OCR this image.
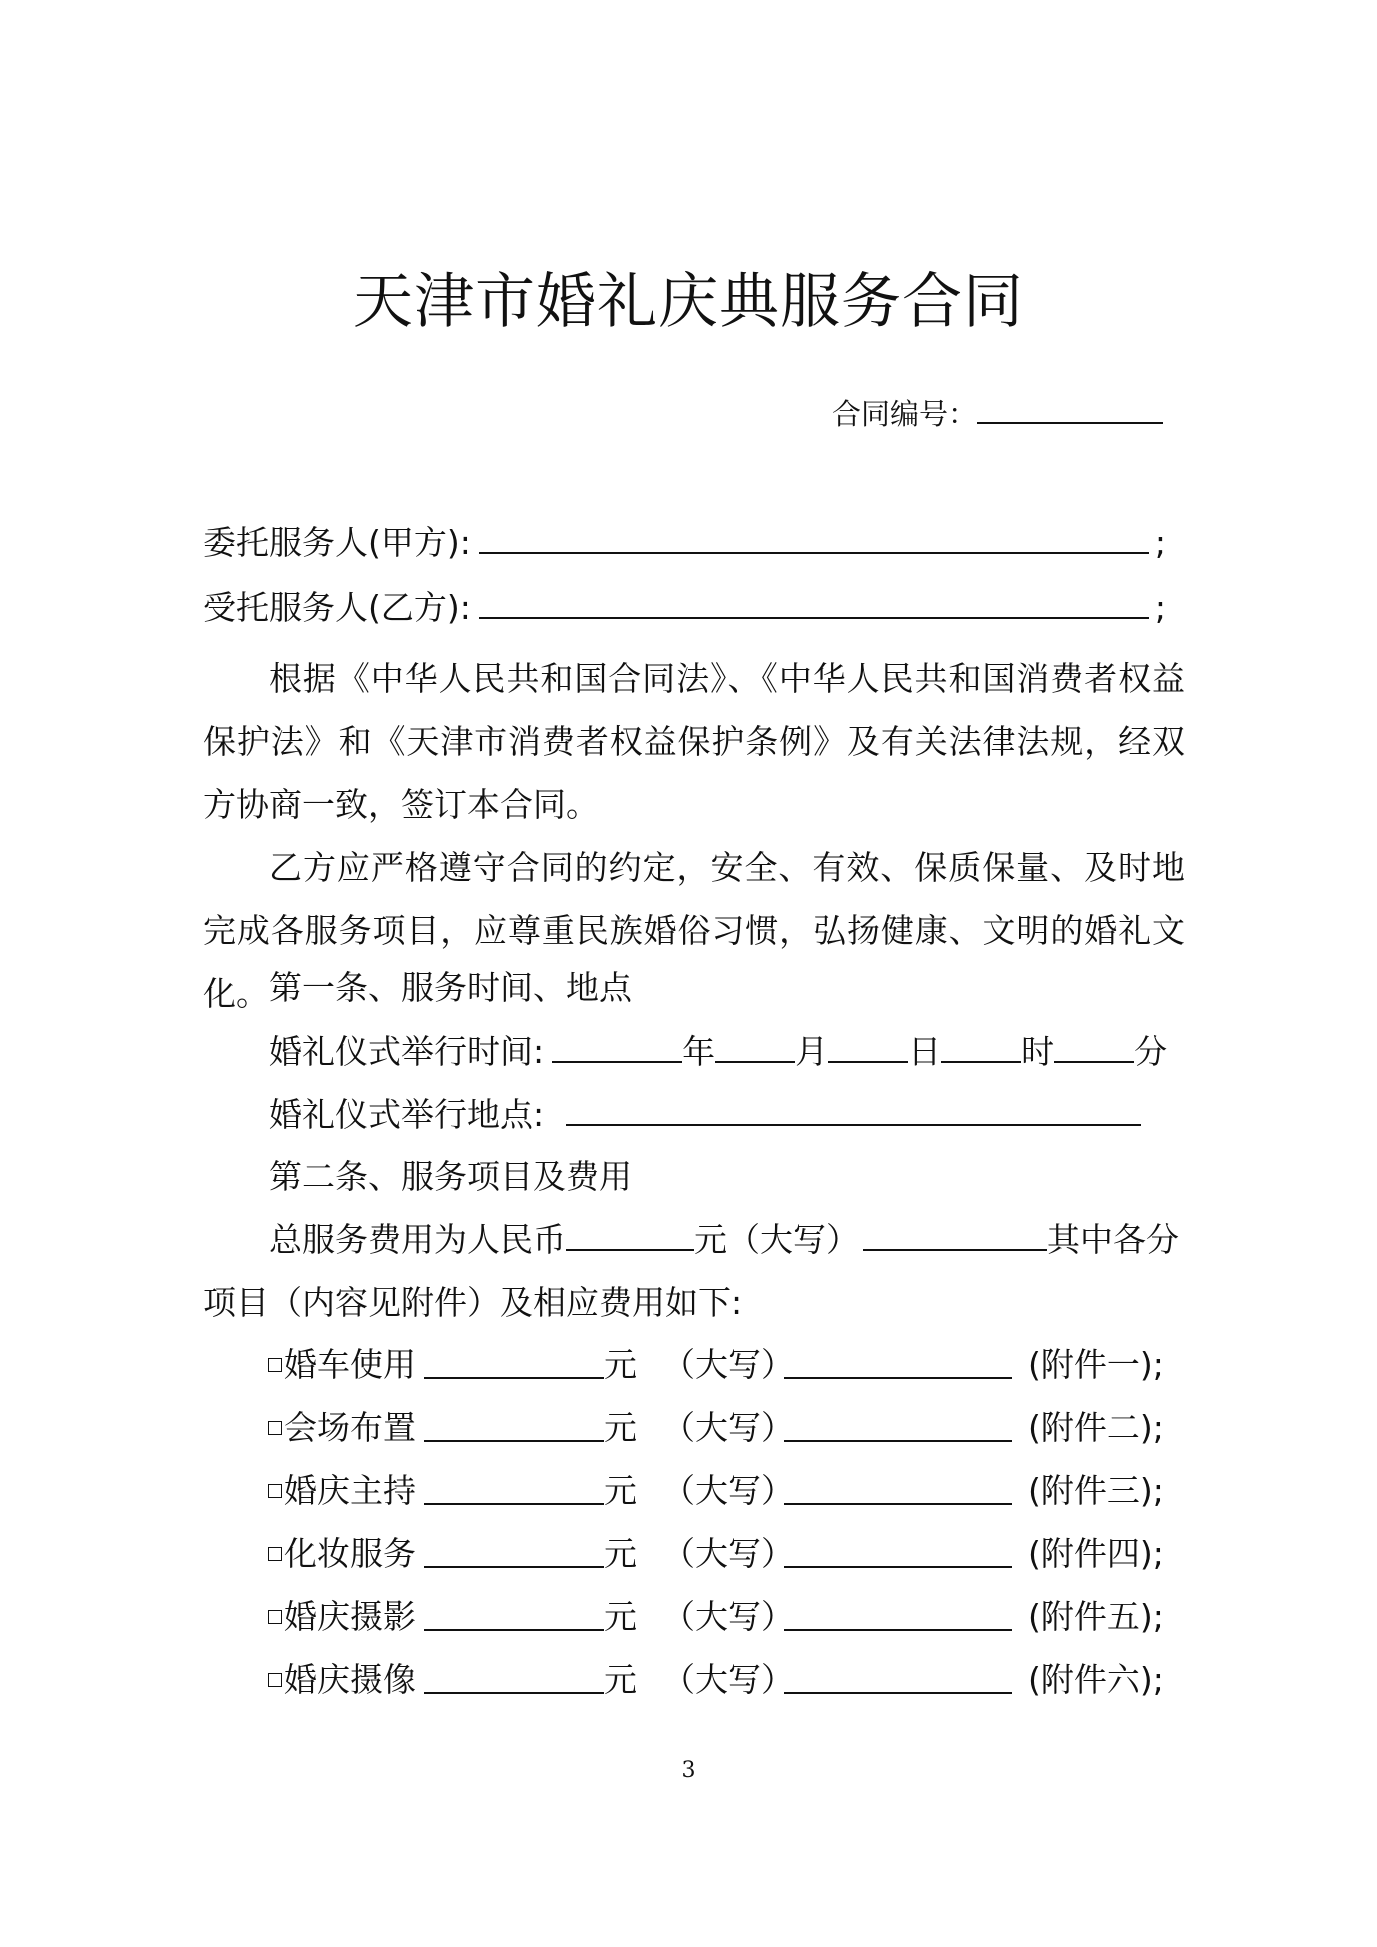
天津市婚礼庆典服务合同
合同编号：
委托服务人(甲方):	;
受托服务人(乙方):	;
根据《中华人民共和国合同法》、《中华人民共和国消费者权益保护法》和《天津市消费者权益保护条例》及有关法律法规，经双方协商一致，签订本合同。
乙方应严格遵守合同的约定，安全、有效、保质保量、及时地完成各服务项目，应尊重民族婚俗习惯，弘扬健康、文明的婚礼文化。 第一条、服务时间、地点
婚礼仪式举行时间:	年 月 日 时 分
婚礼仪式举行地点:
第二条、服务项目及费用
总服务费用为人民币	元（大写）	其中各分
项目（内容见附件）及相应费用如下:
婚车使用	元 （大写）	(附件一);
会场布置	元 （大写）	(附件二);
婚庆主持	元 （大写）	(附件三);
化妆服务	元 （大写）	(附件四);
婚庆摄影	元 （大写）	(附件五);
婚庆摄像	元 （大写）	(附件六);
3
